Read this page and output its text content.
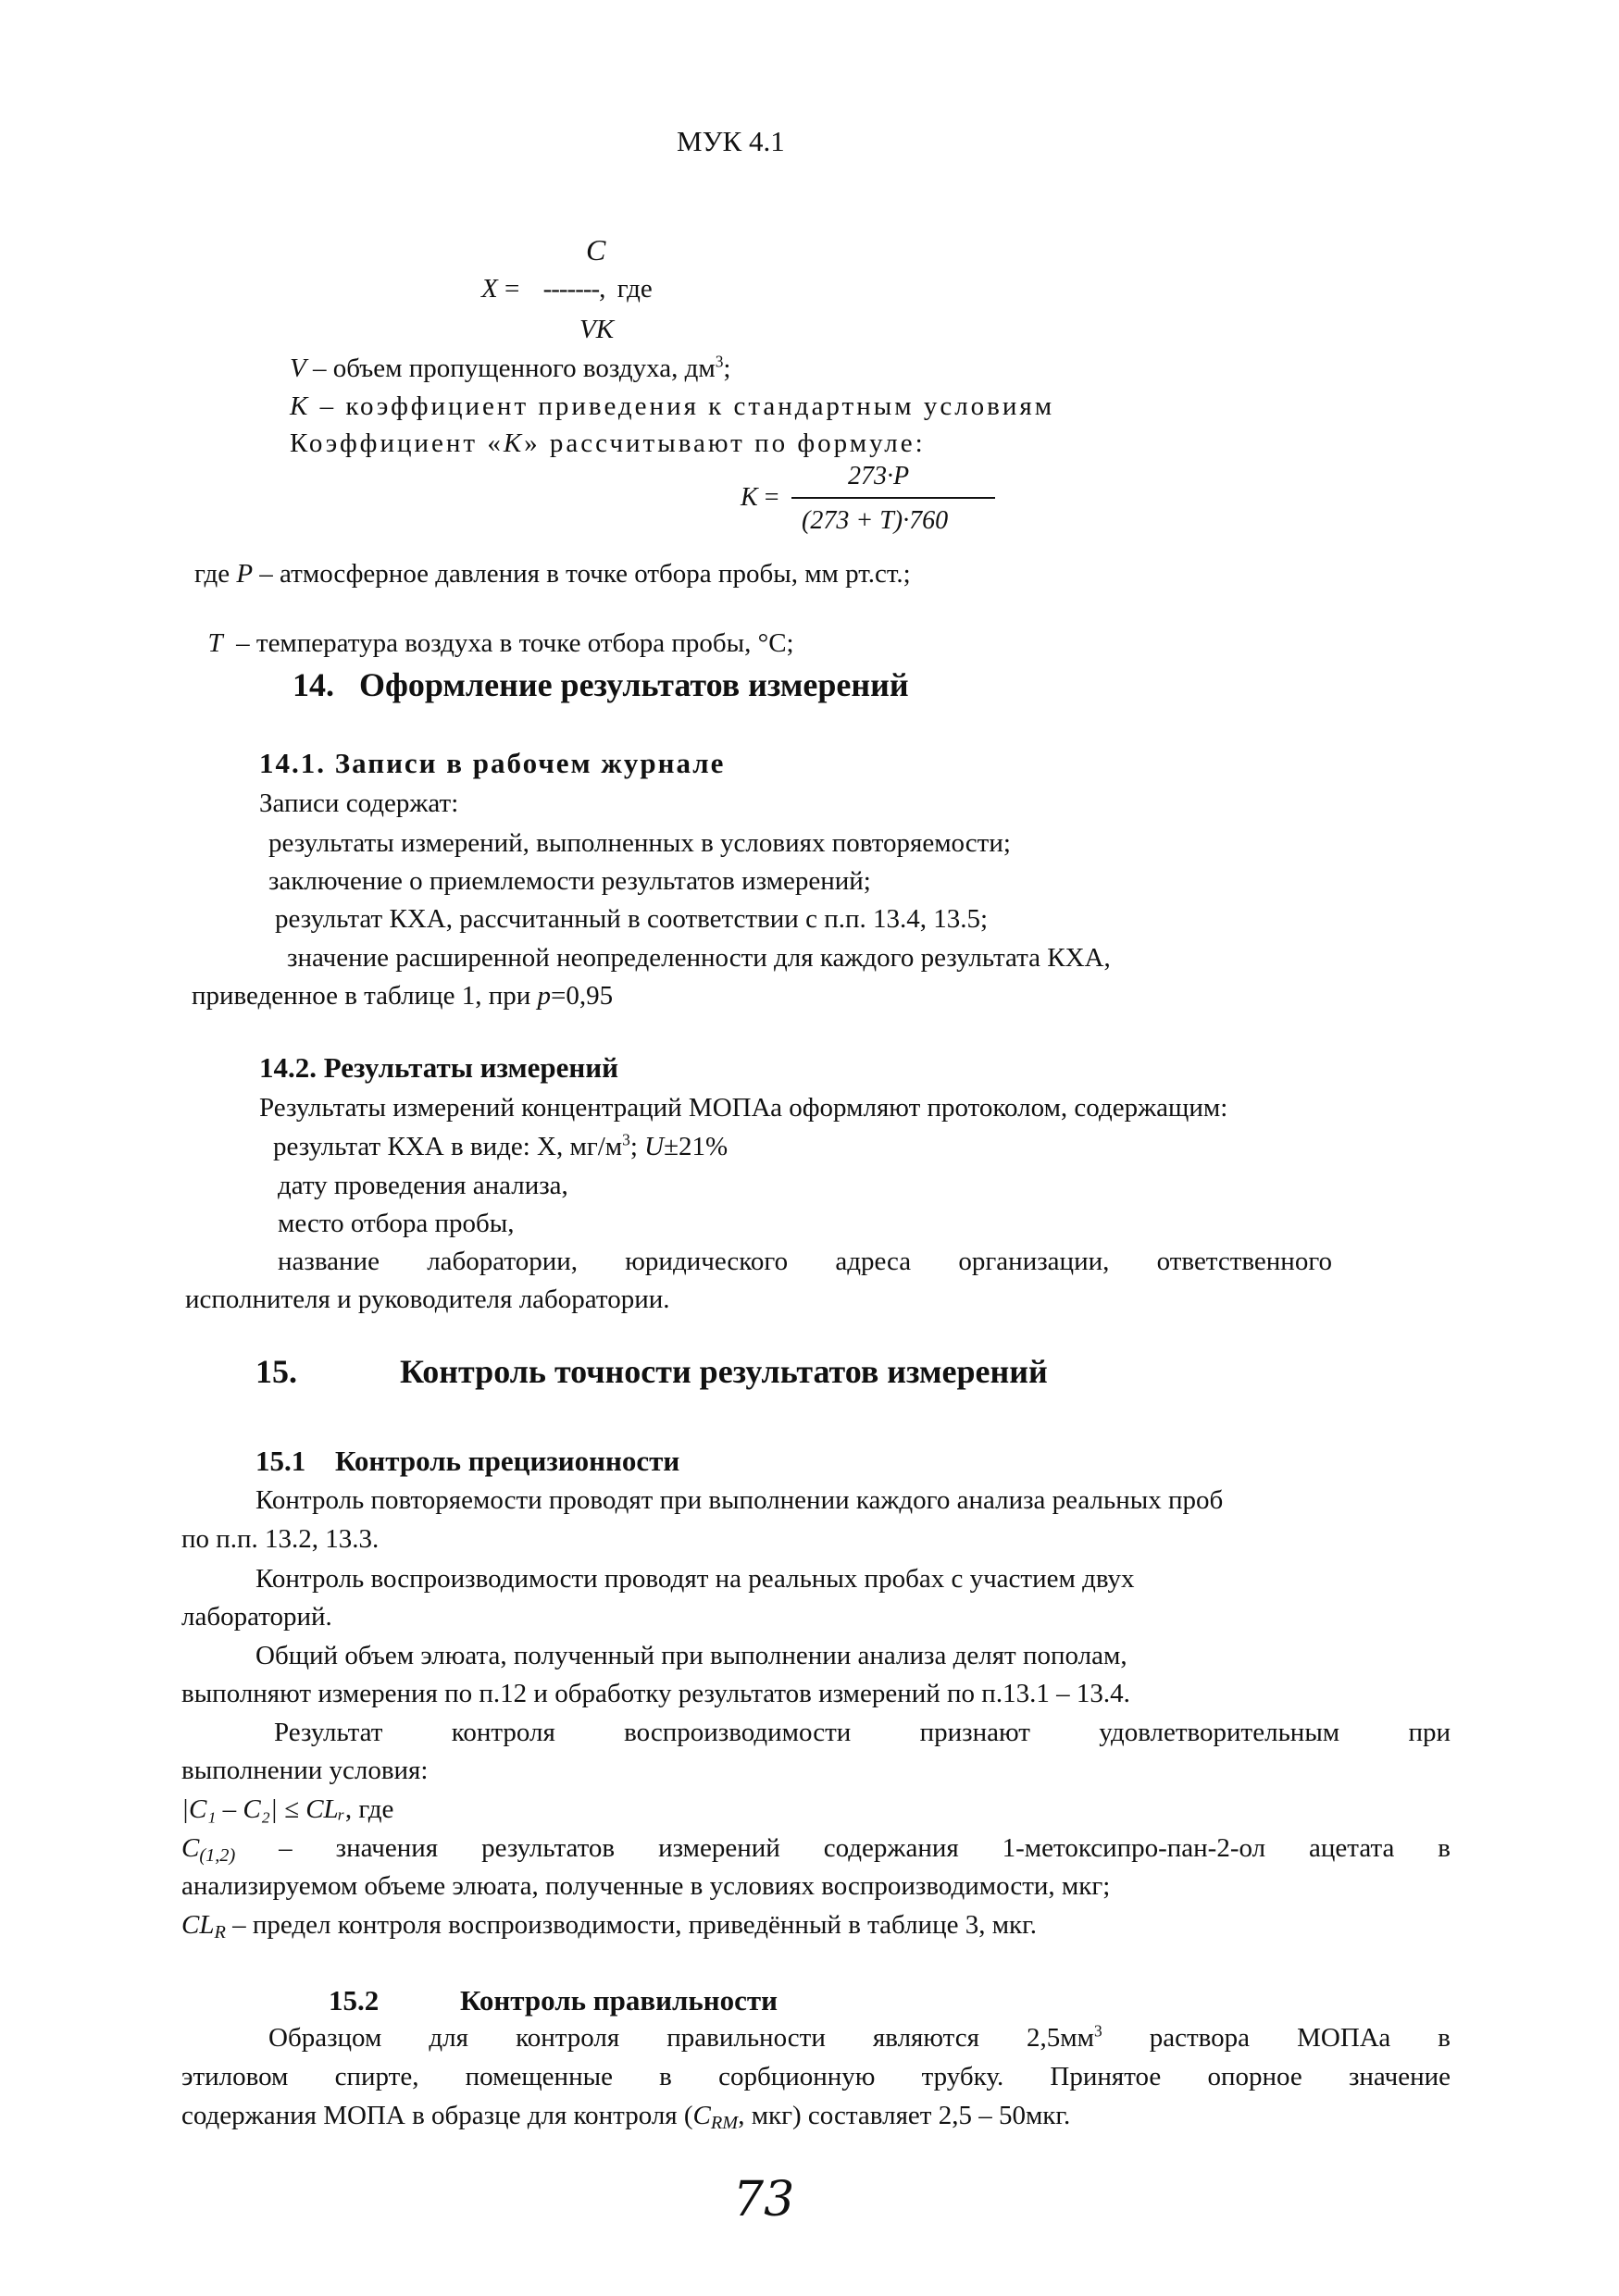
МУК 4.1
C
X = -------, где
VK
V – объем пропущенного воздуха, $дм^3$;
K – коэффициент приведения к стандартным условиям
Коэффициент «K» рассчитывают по формуле:
273·P
K =
(273 + T)·760
где P – атмосферное давления в точке отбора пробы, мм рт.ст.;

T  – температура воздуха в точке отбора пробы, °С;

14. Оформление результатов измерений
14.1. Записи в рабочем журнале
Записи содержат:
результаты измерений, выполненных в условиях повторяемости;
заключение о приемлемости результатов измерений;
результат КХА, рассчитанный в соответствии с п.п. 13.4, 13.5;
значение расширенной неопределенности для каждого результата КХА,
приведенное в таблице 1, при p=0,95
14.2. Результаты измерений
Результаты измерений концентраций МОПАа оформляют протоколом, содержащим:
результат КХА в виде: Х, $мг/м^3$; U±21%
дату проведения анализа,
место отбора пробы,
название лаборатории, юридического адреса организации, ответственного
исполнителя и руководителя лаборатории.
15.	Контроль точности результатов измерений
15.1 Контроль прецизионности
Контроль повторяемости проводят при выполнении каждого анализа реальных проб
по п.п. 13.2, 13.3.
Контроль воспроизводимости проводят на реальных пробах с участием двух
лабораторий.
Общий объем элюата, полученный при выполнении анализа делят пополам,
выполняют измерения по п.12 и обработку результатов измерений по п.13.1 – 13.4.
Результат контроля воспроизводимости признают удовлетворительным при
выполнении условия:
|C₁ – C₂| ≤ CLᵣ, где
$C_{(1,2)}$ – значения результатов измерений содержания 1-метоксипро-пан-2-ол ацетата в
анализируемом объеме элюата, полученные в условиях воспроизводимости, мкг;
$CL_R$ – предел контроля воспроизводимости, приведённый в таблице 3, мкг.
15.2	Контроль правильности
Образцом для контроля правильности являются $2,5мм^3$ раствора МОПАа в
этиловом спирте, помещенные в сорбционную трубку. Принятое опорное значение
содержания МОПА в образце для контроля ($C_{RM}$, мкг) составляет 2,5 – 50мкг.
73
